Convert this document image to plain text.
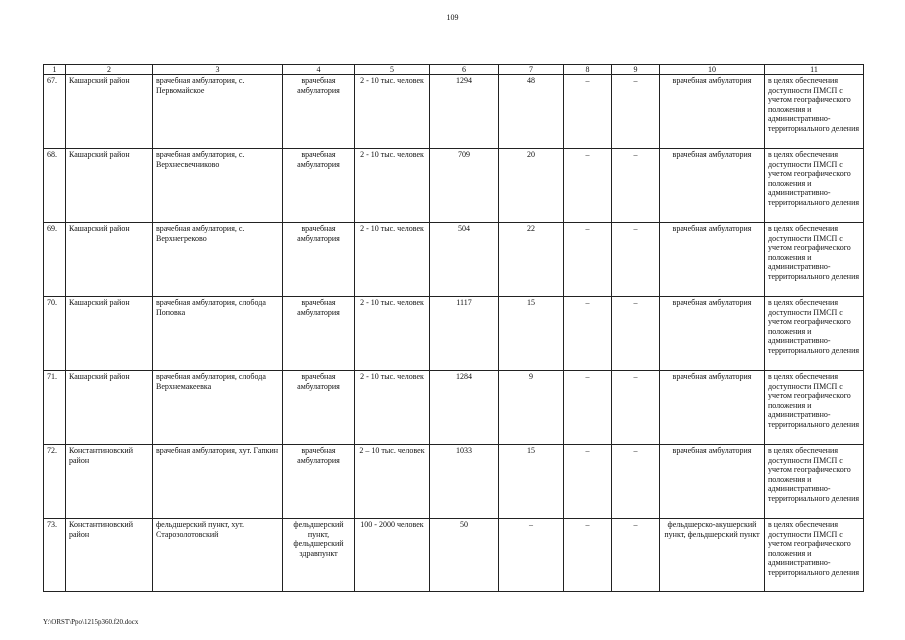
109
1	2	3	4	5	6	7	8	9	10	11
67.	Кашарский район	врачебная амбулатория, с. Первомайское	врачебная амбулатория	2 - 10 тыс. человек	1294	48	–	–	врачебная амбулатория	в целях обеспечения доступности ПМСП с учетом географического положения и административно-территориального деления
68.	Кашарский район	врачебная амбулатория, с. Верхнесвечниково	врачебная амбулатория	2 - 10 тыс. человек	709	20	–	–	врачебная амбулатория	в целях обеспечения доступности ПМСП с учетом географического положения и административно-территориального деления
69.	Кашарский район	врачебная амбулатория, с. Верхнегреково	врачебная амбулатория	2 - 10 тыс. человек	504	22	–	–	врачебная амбулатория	в целях обеспечения доступности ПМСП с учетом географического положения и административно-территориального деления
70.	Кашарский район	врачебная амбулатория, слобода Поповка	врачебная амбулатория	2 - 10 тыс. человек	1117	15	–	–	врачебная амбулатория	в целях обеспечения доступности ПМСП с учетом географического положения и административно-территориального деления
71.	Кашарский район	врачебная амбулатория, слобода Верхнемакеевка	врачебная амбулатория	2 - 10 тыс. человек	1284	9	–	–	врачебная амбулатория	в целях обеспечения доступности ПМСП с учетом географического положения и административно-территориального деления
72.	Константиновский район	врачебная амбулатория, хут. Гапкин	врачебная амбулатория	2 – 10 тыс. человек	1033	15	–	–	врачебная амбулатория	в целях обеспечения доступности ПМСП с учетом географического положения и административно-территориального деления
73.	Константиновский район	фельдшерский пункт, хут. Старозолотовский	фельдшерский пункт, фельдшерский здравпункт	100 - 2000 человек	50	–	–	–	фельдшерско-акушерский пункт, фельдшерский пункт	в целях обеспечения доступности ПМСП с учетом географического положения и административно-территориального деления
Y:\ORST\Ppo\1215p360.f20.docx
